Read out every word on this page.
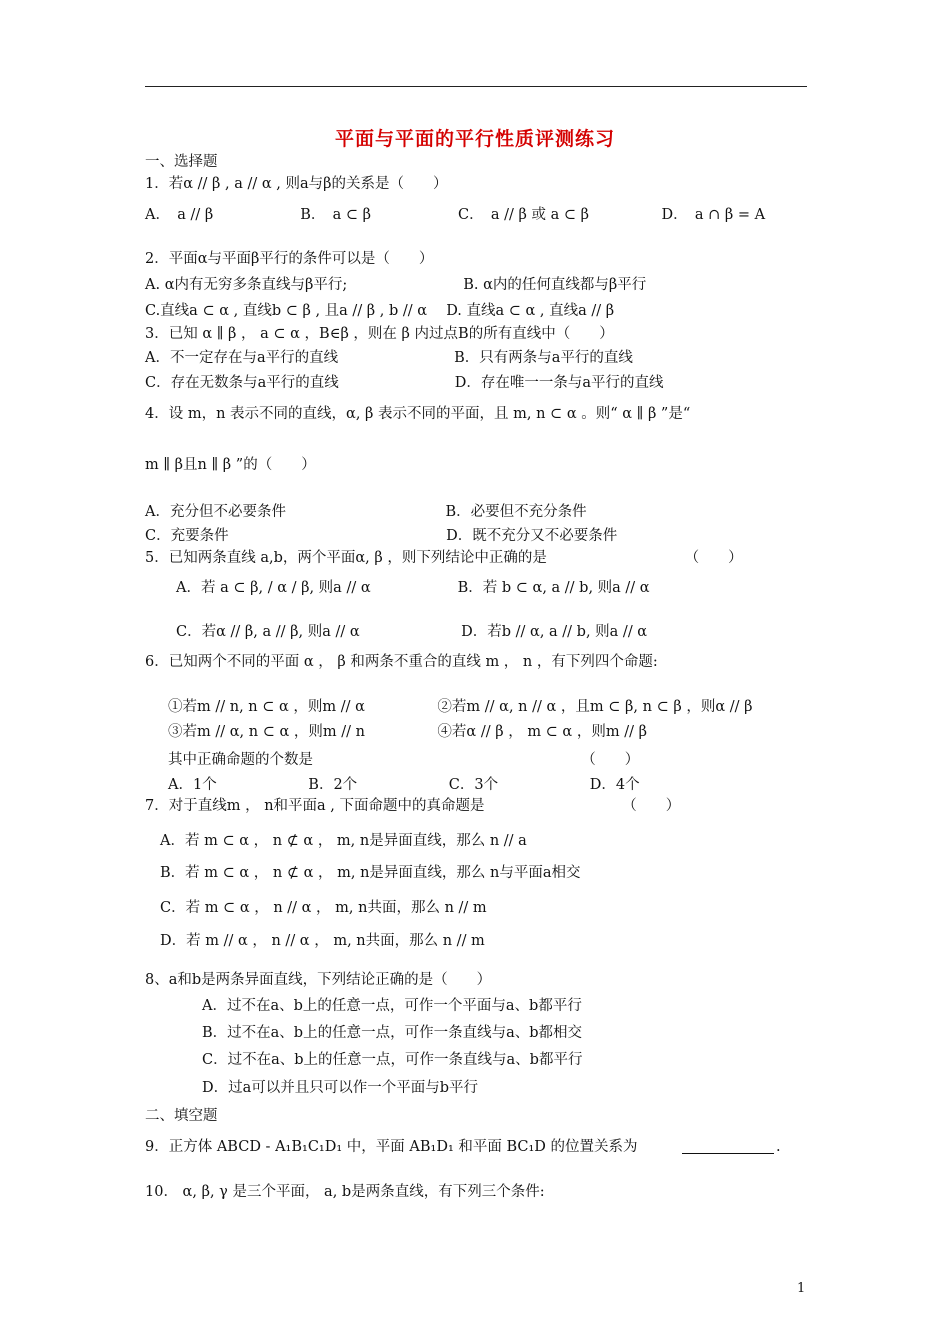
平面与平面的平行性质评测练习
一、选择题
二、填空题
1．若α // β , a // α , 则a与β的关系是（　　）
A．　a // β　　　　　　B．　a ⊂ β　　　　　　C．　a // β 或 a ⊂ β　　　　　D．　a ∩ β = A
2．平面α与平面β平行的条件可以是（　　）
A. α内有无穷多条直线与β平行;　　　　　　　　B. α内的任何直线都与β平行
C.直线a ⊂ α , 直线b ⊂ β , 且a // β , b // α　 D. 直线a ⊂ α , 直线a // β
3．已知 α ∥ β ， a ⊂ α ，B∈β ，则在 β 内过点B的所有直线中（　　）
A．不一定存在与a平行的直线　　　　　　　　B．只有两条与a平行的直线
C．存在无数条与a平行的直线　　　　　　　　D．存在唯一一条与a平行的直线
4．设 m，n 表示不同的直线，α, β 表示不同的平面，且 m, n ⊂ α 。则“ α ∥ β ”是“
m ∥ β且n ∥ β ”的（　　）
A．充分但不必要条件　　　　　　　　　　　B．必要但不充分条件
C．充要条件　　　　　　　　　　　　　　　D．既不充分又不必要条件
5．已知两条直线 a,b，两个平面α, β ，则下列结论中正确的是　　　　　　　　　　（　　）
A．若 a ⊂ β, / α / β, 则a // α　　　　　　B．若 b ⊂ α, a // b, 则a // α
C．若α // β, a // β, 则a // α　　　　　　　D．若b // α, a // b, 则a // α
6．已知两个不同的平面 α ， β 和两条不重合的直线 m ， n ，有下列四个命题:
①若m // n, n ⊂ α ，则m // α　　　　　②若m // α, n // α ，且m ⊂ β, n ⊂ β ，则α // β
③若m // α, n ⊂ α ，则m // n　　　　　④若α // β ， m ⊂ α ，则m // β
其中正确命题的个数是　　　　　　　　　　　　　　　　　　　（　　）
A．1个　　　　　　 B．2个　　　　　　 C．3个　　　　　　 D．4个
7．对于直线m ， n和平面a , 下面命题中的真命题是　　　　　　　　　　（　　）
A．若 m ⊂ α ， n ⊄ α ， m, n是异面直线，那么 n // a
B．若 m ⊂ α ， n ⊄ α ， m, n是异面直线，那么 n与平面a相交
C．若 m ⊂ α ， n // α ， m, n共面，那么 n // m
D．若 m // α ， n // α ， m, n共面，那么 n // m
8、a和b是两条异面直线，下列结论正确的是（　　）
A．过不在a、b上的任意一点，可作一个平面与a、b都平行
B．过不在a、b上的任意一点，可作一条直线与a、b都相交
C．过不在a、b上的任意一点，可作一条直线与a、b都平行
D．过a可以并且只可以作一个平面与b平行
9．正方体 ABCD - A₁B₁C₁D₁ 中，平面 AB₁D₁ 和平面 BC₁D 的位置关系为
10． α, β, γ 是三个平面， a, b是两条直线，有下列三个条件:
.
1
